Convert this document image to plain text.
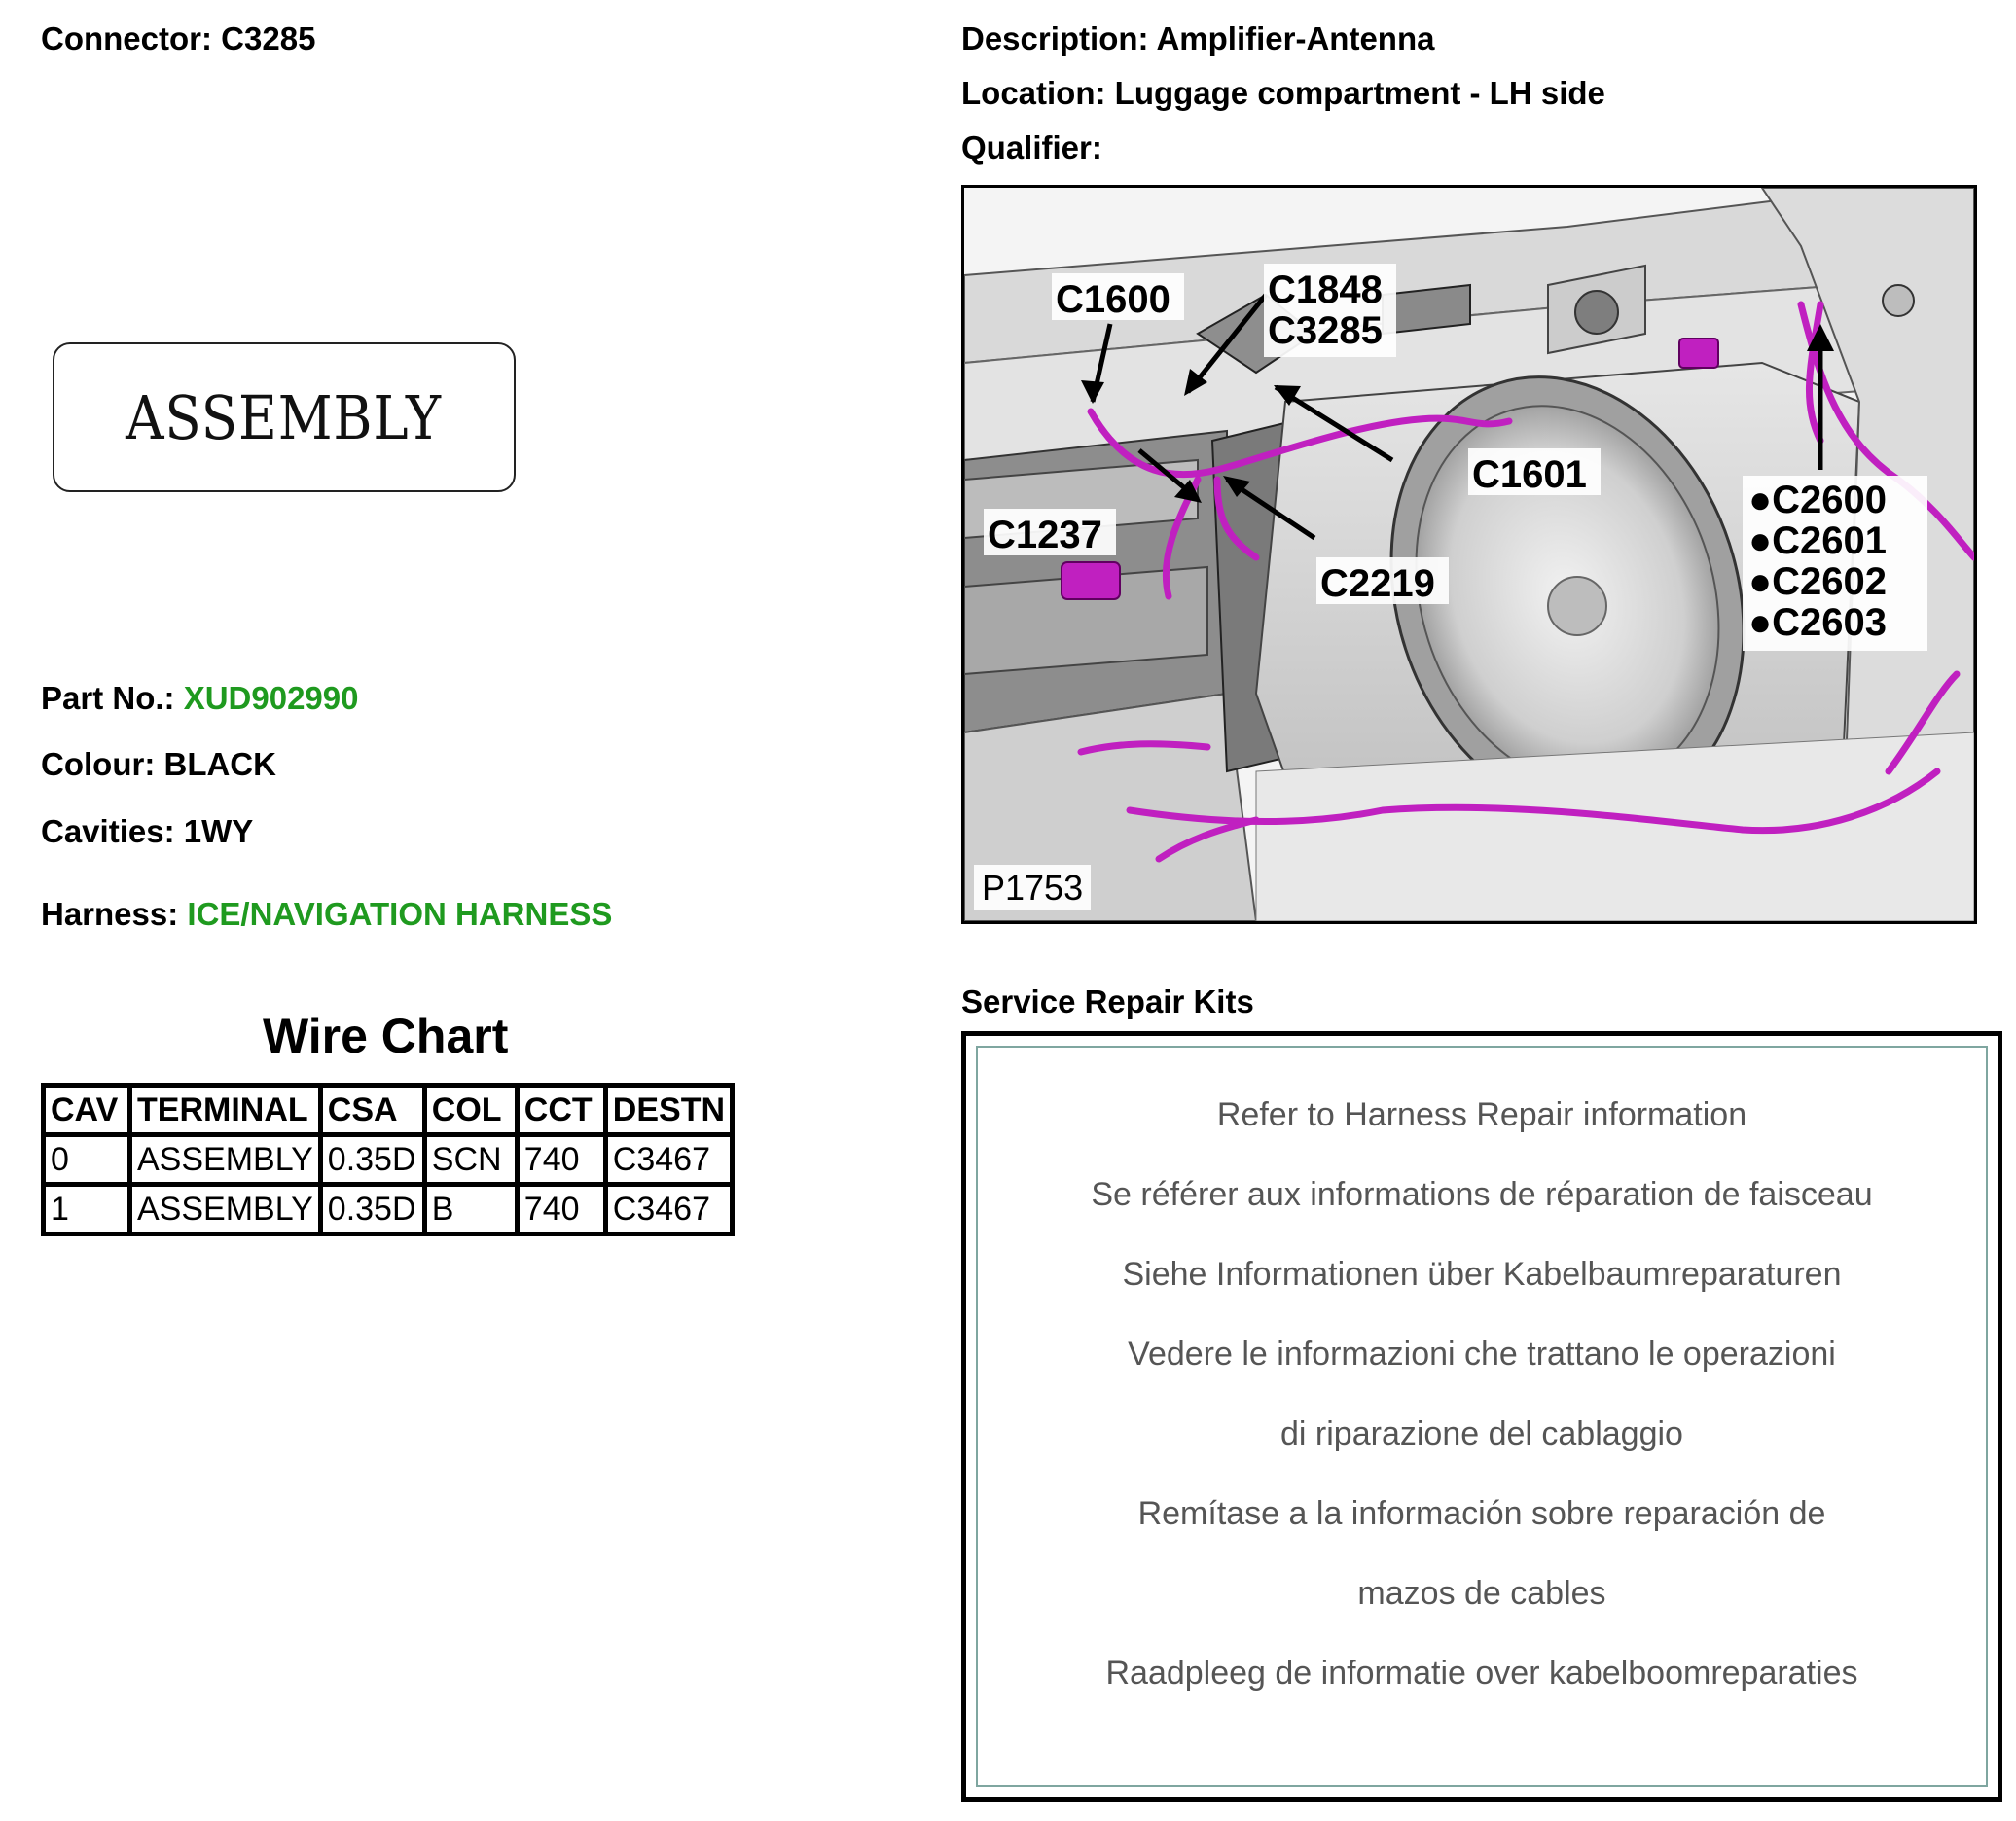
Connector: C3285	Description: Amplifier-Antenna
Location: Luggage compartment - LH side
Qualifier:
ASSEMBLY
Part No.: XUD902990
Colour: BLACK
Cavities: 1WY
Harness: ICE/NAVIGATION HARNESS
Wire Chart
CAV	TERMINAL	CSA	COL	CCT	DESTN
0	ASSEMBLY	0.35D	SCN	740	C3467
1	ASSEMBLY	0.35D	B	740	C3467
C1600	C1848
C3285
C1601
C1237
C2219
●C2600
●C2601
●C2602
●C2603
P1753
Service Repair Kits
Refer to Harness Repair information
Se référer aux informations de réparation de faisceau
Siehe Informationen über Kabelbaumreparaturen
Vedere le informazioni che trattano le operazioni
di riparazione del cablaggio
Remítase a la información sobre reparación de
mazos de cables
Raadpleeg de informatie over kabelboomreparaties
